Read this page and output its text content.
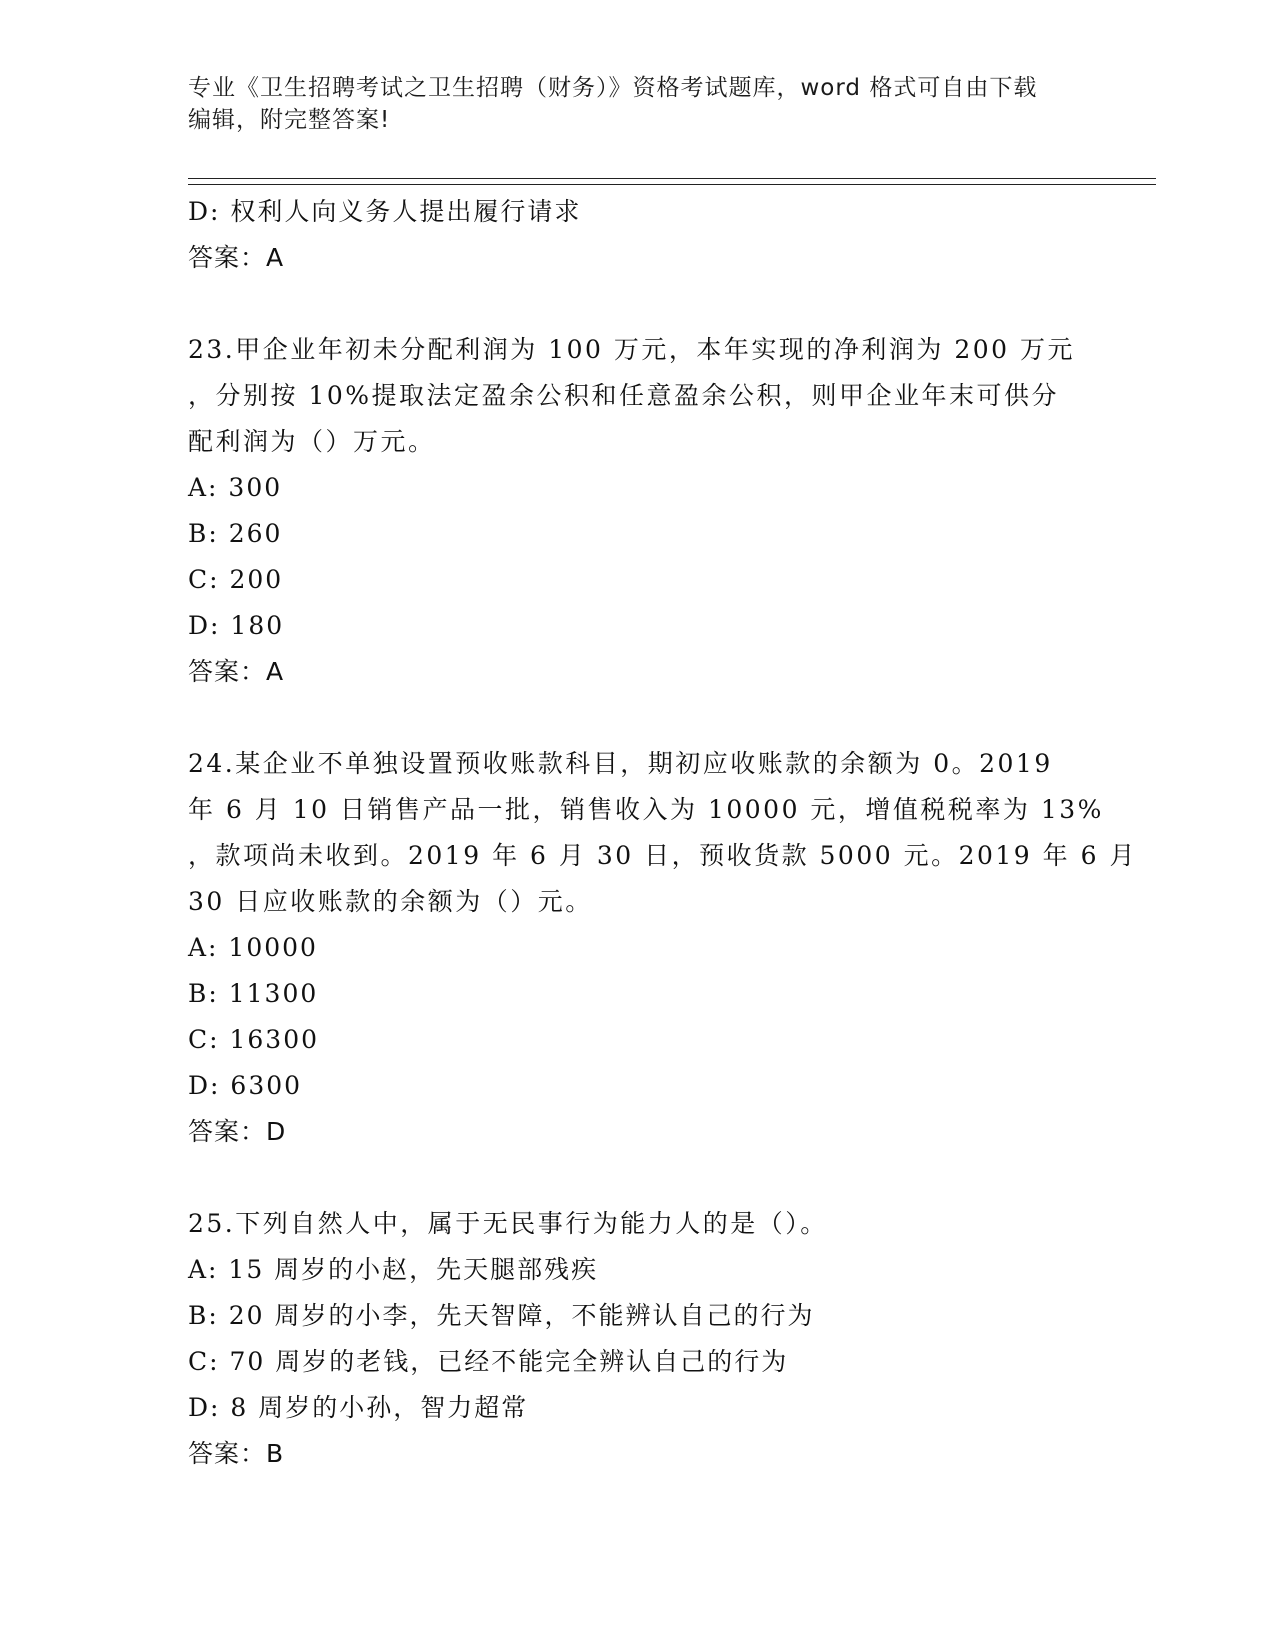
专业《卫生招聘考试之卫生招聘（财务）》资格考试题库，word 格式可自由下载
编辑，附完整答案!
D: 权利人向义务人提出履行请求
答案：A
23.甲企业年初未分配利润为 100 万元，本年实现的净利润为 200 万元
，分别按 10%提取法定盈余公积和任意盈余公积，则甲企业年末可供分
配利润为（）万元。
A: 300
B: 260
C: 200
D: 180
答案：A
24.某企业不单独设置预收账款科目，期初应收账款的余额为 0。2019
年 6 月 10 日销售产品一批，销售收入为 10000 元，增值税税率为 13%
，款项尚未收到。2019 年 6 月 30 日，预收货款 5000 元。2019 年 6 月
30 日应收账款的余额为（）元。
A: 10000
B: 11300
C: 16300
D: 6300
答案：D
25.下列自然人中，属于无民事行为能力人的是（）。
A: 15 周岁的小赵，先天腿部残疾
B: 20 周岁的小李，先天智障，不能辨认自己的行为
C: 70 周岁的老钱，已经不能完全辨认自己的行为
D: 8 周岁的小孙，智力超常
答案：B
